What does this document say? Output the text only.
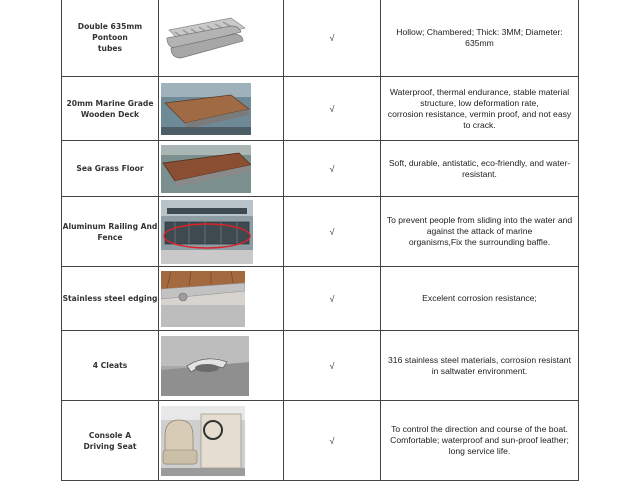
Double 635mm Pontoon
tubes		√	Hollow; Chambered; Thick: 3MM; Diameter:
635mm

20mm Marine Grade
Wooden Deck		√	Waterproof, thermal endurance, stable material
structure, low deformation rate,
corrosion resistance, vermin proof, and not easy
to crack.

Sea Grass Floor		√	Soft, durable, antistatic, eco-friendly, and water-
resistant.

Aluminum Railing And
Fence		√	To prevent people from sliding into the water and
against the attack of marine
organisms,Fix the surrounding baffle.

Stainless steel edging		√	Excelent corrosion resistance;

4 Cleats		√	316 stainless steel materials, corrosion resistant
in saltwater environment.

Console A
Driving Seat		√	To control the direction and course of the boat.
Comfortable; waterproof and sun-proof leather;
long service life.
